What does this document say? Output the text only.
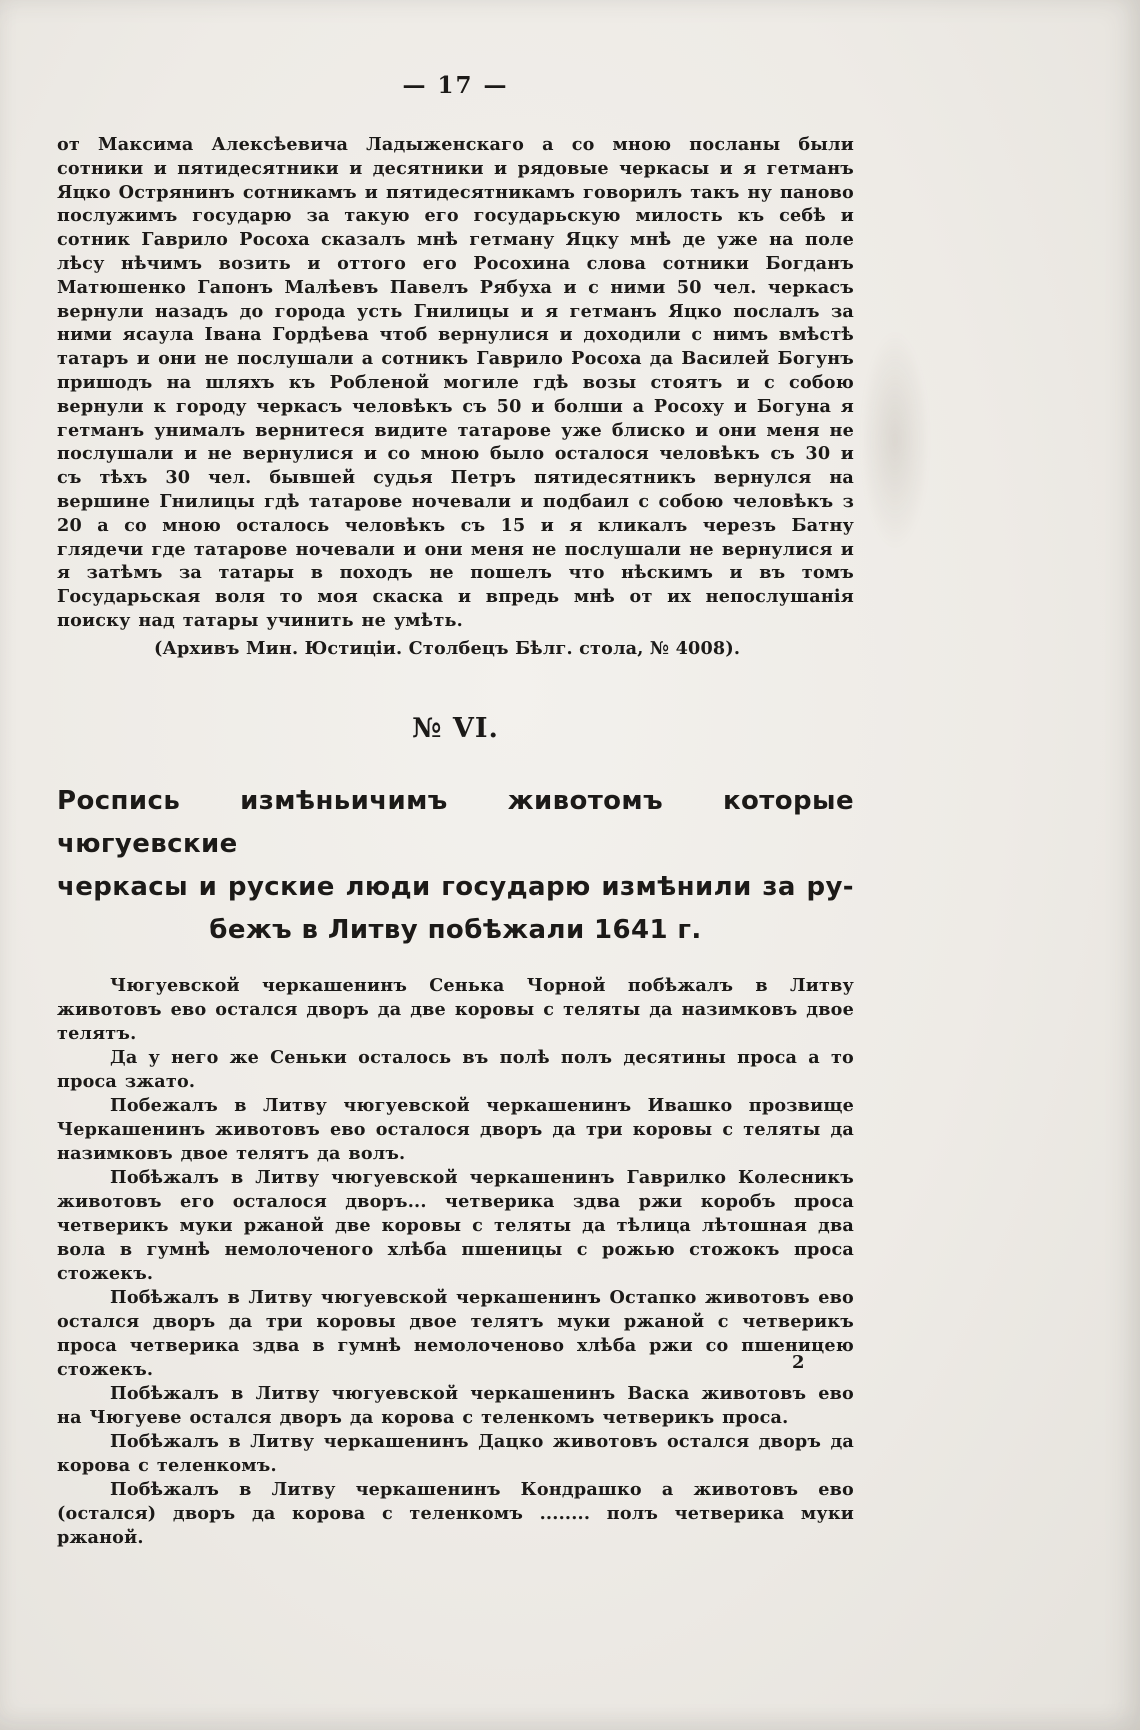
— 17 —

от Максима Алексѣевича Ладыженскаго а со мною посланы были сотники и пятидесятники и десятники и рядовые черкасы и я гетманъ Яцко Острянинъ сотникамъ и пятидесятникамъ говорилъ такъ ну паново послужимъ государю за такую его государьскую милость къ себѣ и сотник Гаврило Росоха сказалъ мнѣ гетману Яцку мнѣ де уже на поле лѣсу нѣчимъ возить и оттого его Росохина слова сотники Богданъ Матюшенко Гапонъ Малѣевъ Павелъ Рябуха и с ними 50 чел. черкасъ вернули назадъ до города усть Гнилицы и я гетманъ Яцко послалъ за ними ясаула Івана Гордѣева чтоб вернулися и доходили с нимъ вмѣстѣ татаръ и они не послушали а сотникъ Гаврило Росоха да Василей Богунъ пришодъ на шляхъ къ Робленой могиле гдѣ возы стоятъ и с собою вернули к городу черкасъ человѣкъ съ 50 и болши а Росоху и Богуна я гетманъ унималъ вернитеся видите татарове уже блиско и они меня не послушали и не вернулися и со мною было осталося человѣкъ съ 30 и съ тѣхъ 30 чел. бывшей судья Петръ пятидесятникъ вернулся на вершине Гнилицы гдѣ татарове ночевали и подбаил с собою человѣкъ з 20 а со мною осталось человѣкъ съ 15 и я кликалъ черезъ Батну глядечи где татарове ночевали и они меня не послушали не вернулися и я затѣмъ за татары в походъ не пошелъ что нѣскимъ и въ томъ Государьская воля то моя скаска и впредь мнѣ от их непослушанія поиску над татары учинить не умѣть.

(Архивъ Мин. Юстиціи. Столбецъ Бѣлг. стола, № 4008).

№ VI.
Роспись измѣньичимъ животомъ которые чюгуевские
черкасы и руские люди государю измѣнили за ру-
бежъ в Литву побѣжали 1641 г.

Чюгуевской черкашенинъ Сенька Чорной побѣжалъ в Литву животовъ ево остался дворъ да две коровы с теляты да назимковъ двое телятъ.

Да у него же Сеньки осталось въ полѣ полъ десятины проса а то проса зжато.

Побежалъ в Литву чюгуевской черкашенинъ Ивашко прозвище Черкашенинъ животовъ ево осталося дворъ да три коровы с теляты да назимковъ двое телятъ да волъ.

Побѣжалъ в Литву чюгуевской черкашенинъ Гаврилко Колесникъ животовъ его осталося дворъ... четверика здва ржи коробъ проса четверикъ муки ржаной две коровы с теляты да тѣлица лѣтошная два вола в гумнѣ немолоченого хлѣба пшеницы с рожью стожокъ проса стожекъ.

Побѣжалъ в Литву чюгуевской черкашенинъ Остапко животовъ ево остался дворъ да три коровы двое телятъ муки ржаной с четверикъ проса четверика здва в гумнѣ немолоченово хлѣба ржи со пшеницею стожекъ.

Побѣжалъ в Литву чюгуевской черкашенинъ Васка животовъ ево на Чюгуеве остался дворъ да корова с теленкомъ четверикъ проса.

Побѣжалъ в Литву черкашенинъ Дацко животовъ остался дворъ да корова с теленкомъ.

Побѣжалъ в Литву черкашенинъ Кондрашко а животовъ ево (остался) дворъ да корова с теленкомъ ........ полъ четверика муки ржаной.

2
